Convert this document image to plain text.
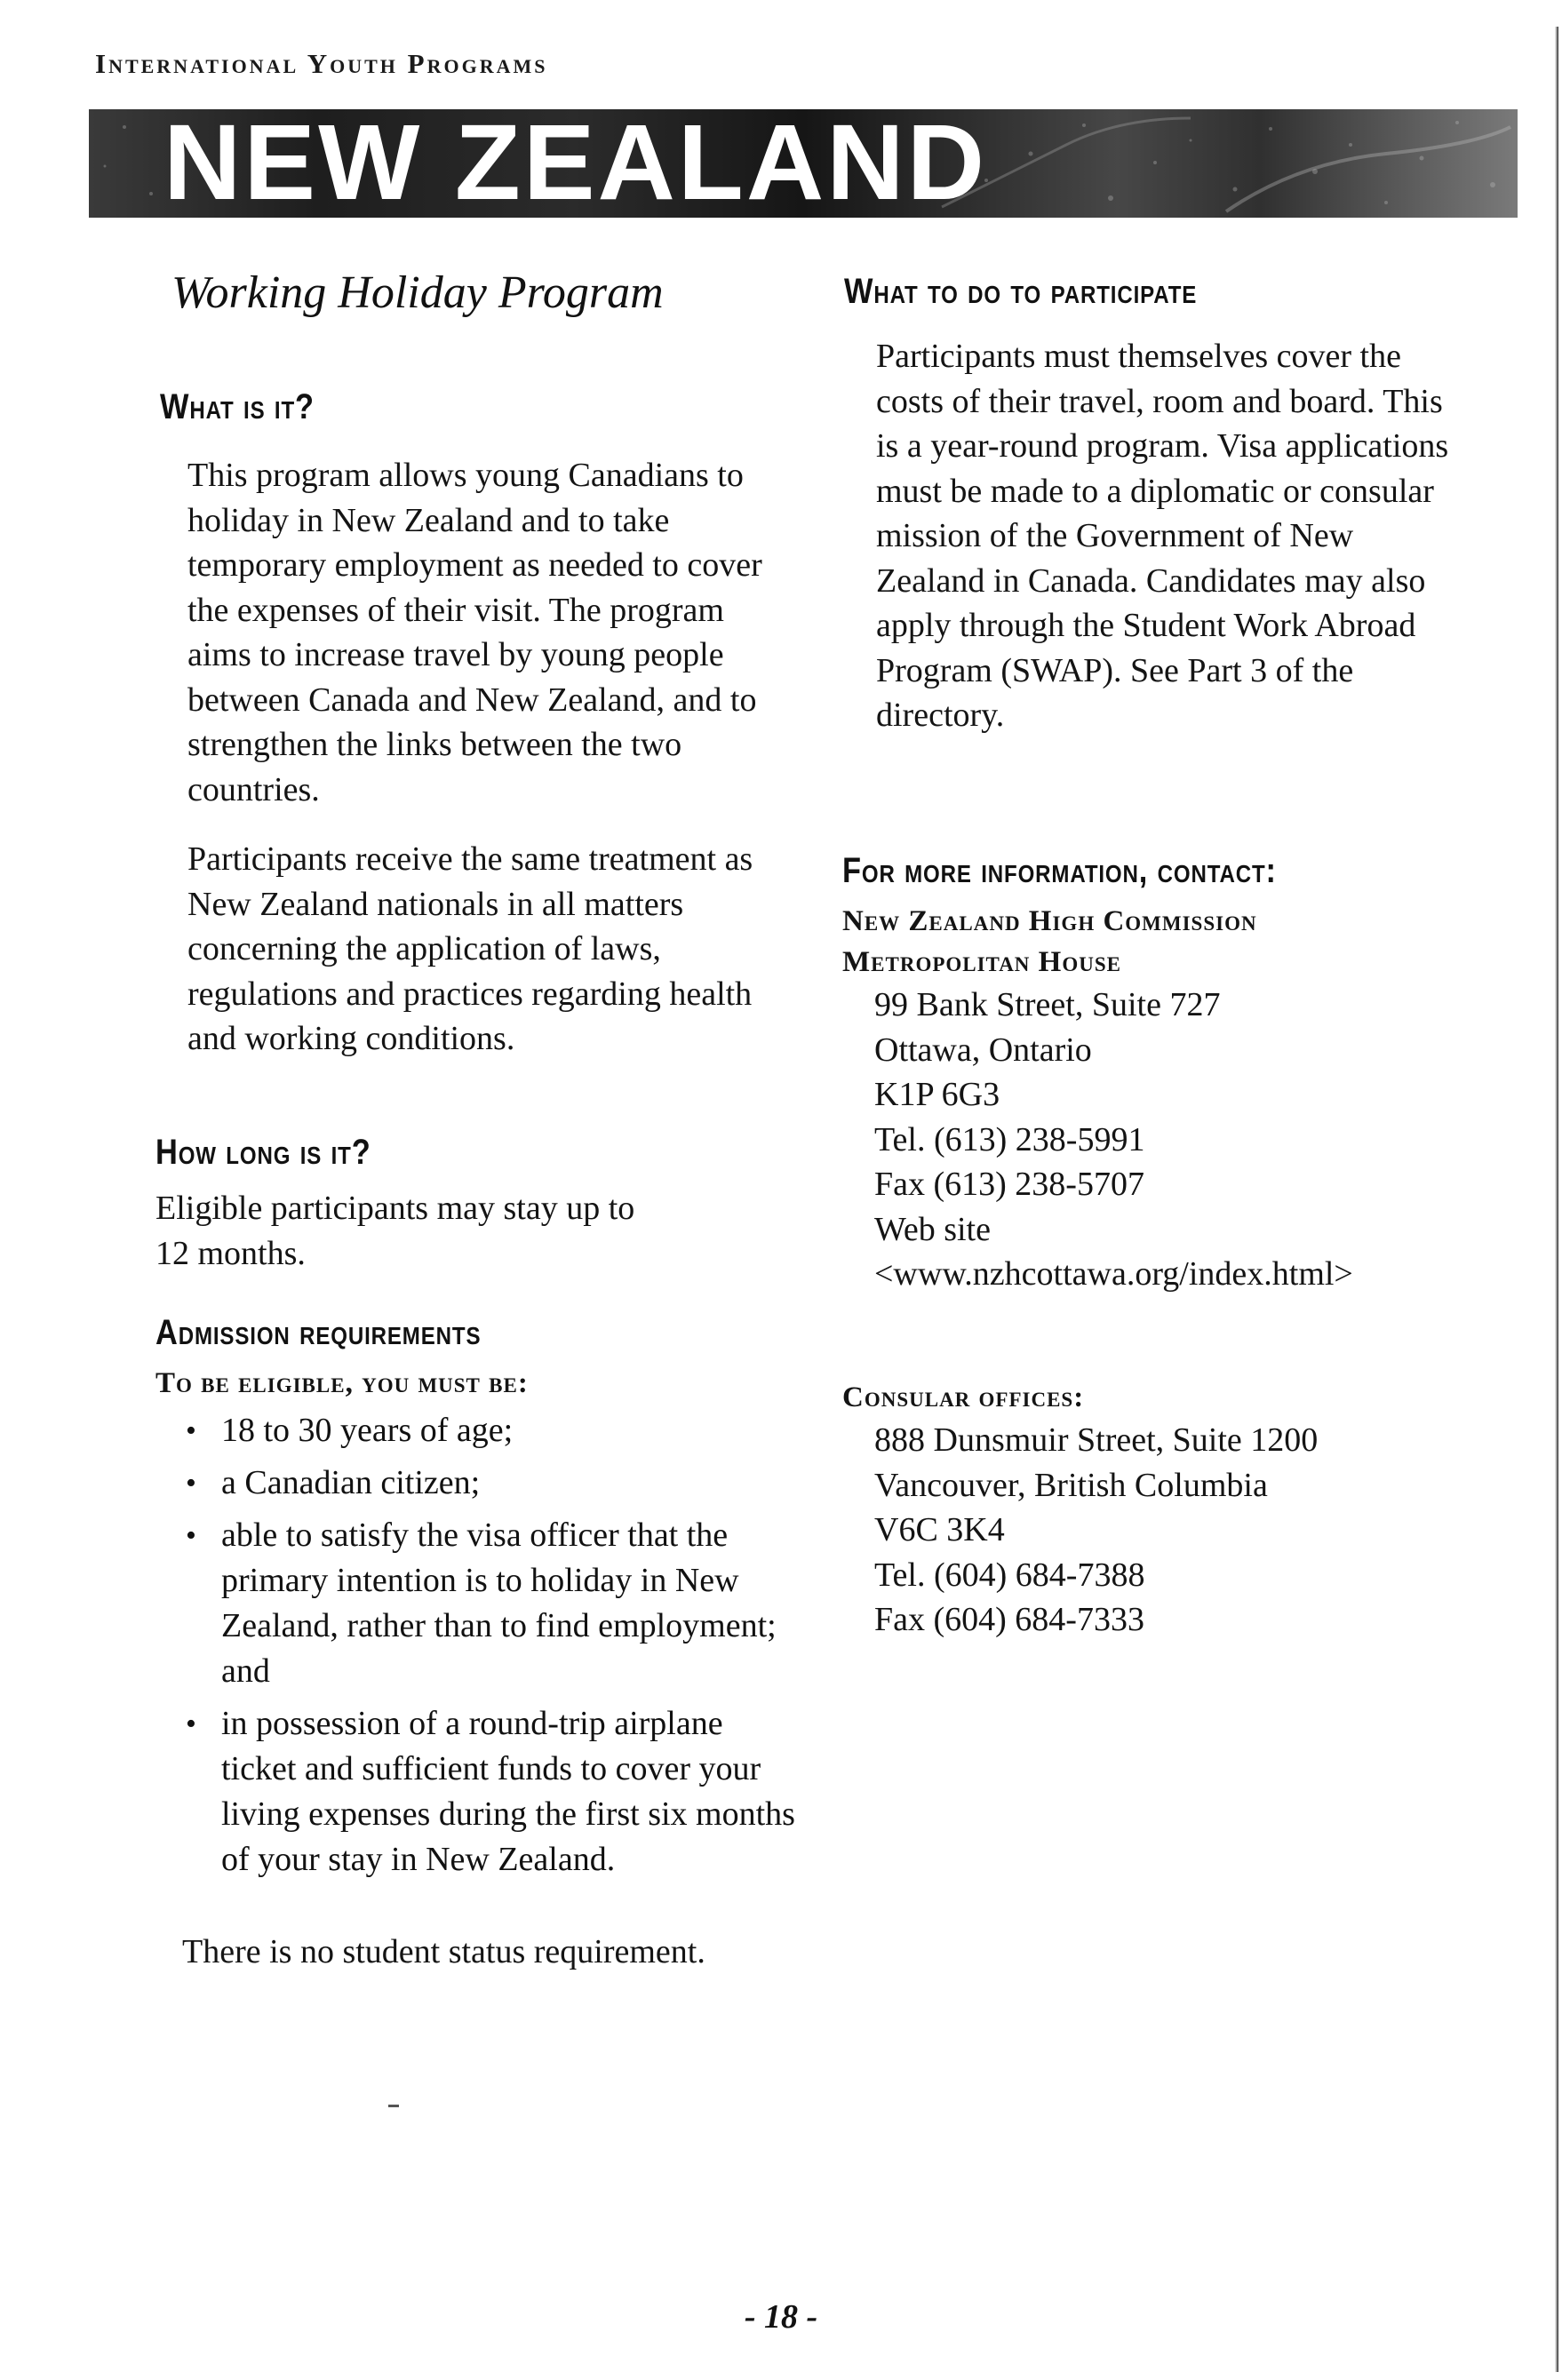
International Youth Programs
NEW ZEALAND
Working Holiday Program
What is it?

This program allows young Canadians to holiday in New Zealand and to take temporary employment as needed to cover the expenses of their visit. The program aims to increase travel by young people between Canada and New Zealand, and to strengthen the links between the two countries.

Participants receive the same treatment as New Zealand nationals in all matters concerning the application of laws, regulations and practices regarding health and working conditions.

How long is it?

Eligible participants may stay up to 12 months.

Admission requirements

To be eligible, you must be:

• 18 to 30 years of age;
• a Canadian citizen;
• able to satisfy the visa officer that the primary intention is to holiday in New Zealand, rather than to find employment; and
• in possession of a round-trip airplane ticket and sufficient funds to cover your living expenses during the first six months of your stay in New Zealand.

There is no student status requirement.

What to do to participate

Participants must themselves cover the costs of their travel, room and board. This is a year-round program. Visa applications must be made to a diplomatic or consular mission of the Government of New Zealand in Canada. Candidates may also apply through the Student Work Abroad Program (SWAP). See Part 3 of the directory.

For more information, contact:

New Zealand High Commission

Metropolitan House

99 Bank Street, Suite 727
Ottawa, Ontario
K1P 6G3
Tel. (613) 238-5991
Fax (613) 238-5707
Web site
<www.nzhcottawa.org/index.html>

Consular offices:

888 Dunsmuir Street, Suite 1200
Vancouver, British Columbia
V6C 3K4
Tel. (604) 684-7388
Fax (604) 684-7333

- 18 -
